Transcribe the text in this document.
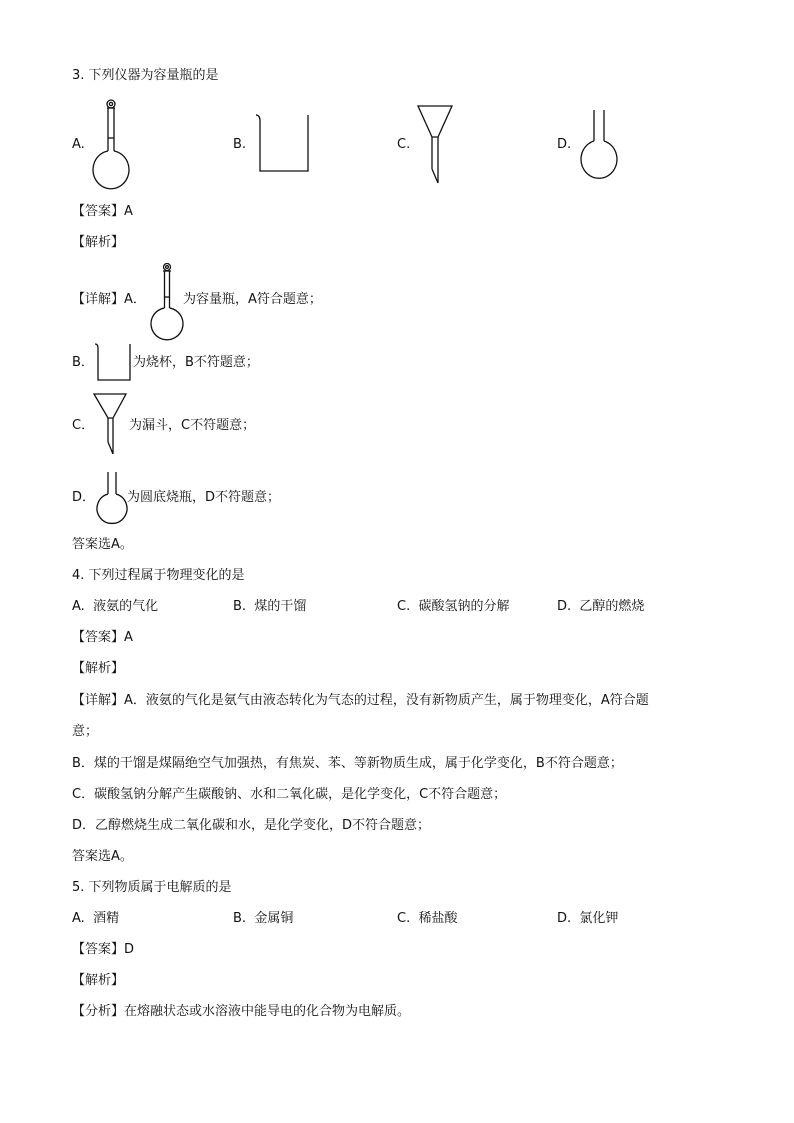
3. 下列仪器为容量瓶的是
A.	B.	C.	D.
【答案】A
【解析】
【详解】A．	为容量瓶，A符合题意；
B．	为烧杯，B不符题意；
C．	为漏斗，C不符题意；
D． 为圆底烧瓶，D不符题意；
答案选A。
4. 下列过程属于物理变化的是
A. 液氨的气化	B. 煤的干馏	C. 碳酸氢钠的分解	D. 乙醇的燃烧
【答案】A
【解析】
【详解】A．液氨的气化是氨气由液态转化为气态的过程，没有新物质产生，属于物理变化，A符合题
意；
B．煤的干馏是煤隔绝空气加强热，有焦炭、苯、等新物质生成，属于化学变化，B不符合题意；
C．碳酸氢钠分解产生碳酸钠、水和二氧化碳，是化学变化，C不符合题意；
D．乙醇燃烧生成二氧化碳和水，是化学变化，D不符合题意；
答案选A。
5. 下列物质属于电解质的是
A. 酒精	B. 金属铜	C. 稀盐酸	D. 氯化钾
【答案】D
【解析】
【分析】在熔融状态或水溶液中能导电的化合物为电解质。
